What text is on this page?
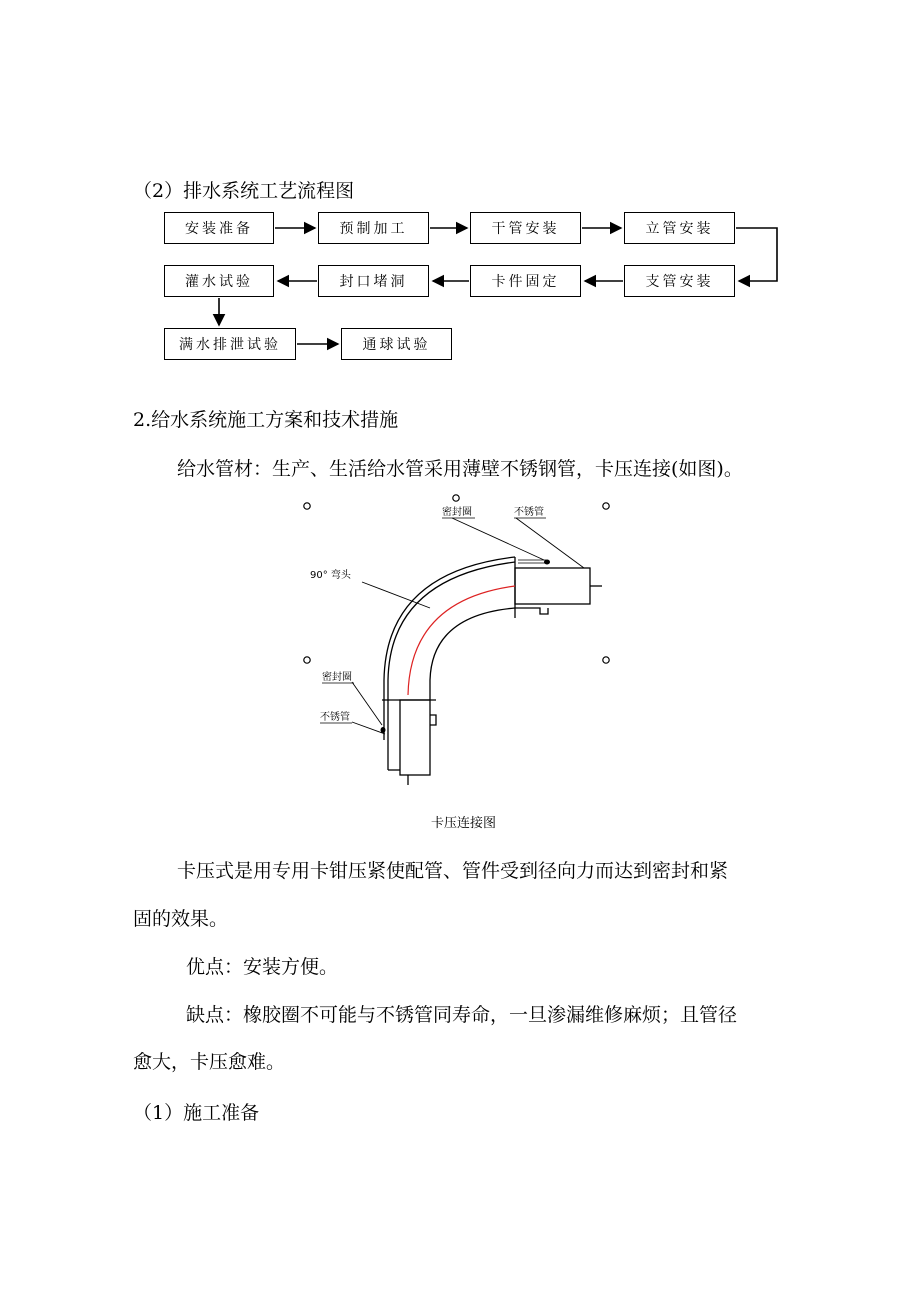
（2）排水系统工艺流程图
安装准备	预制加工	干管安装	立管安装
支管安装
卡件固定
封口堵洞
灌水试验
满水排泄试验	通球试验
2.给水系统施工方案和技术措施
给水管材：生产、生活给水管采用薄壁不锈钢管，卡压连接(如图)。
密封圈	不锈管
90° 弯头
密封圈
不锈管
卡压连接图
卡压式是用专用卡钳压紧使配管、管件受到径向力而达到密封和紧
固的效果。
优点：安装方便。
缺点：橡胶圈不可能与不锈管同寿命，一旦渗漏维修麻烦；且管径
愈大，卡压愈难。
（1）施工准备
